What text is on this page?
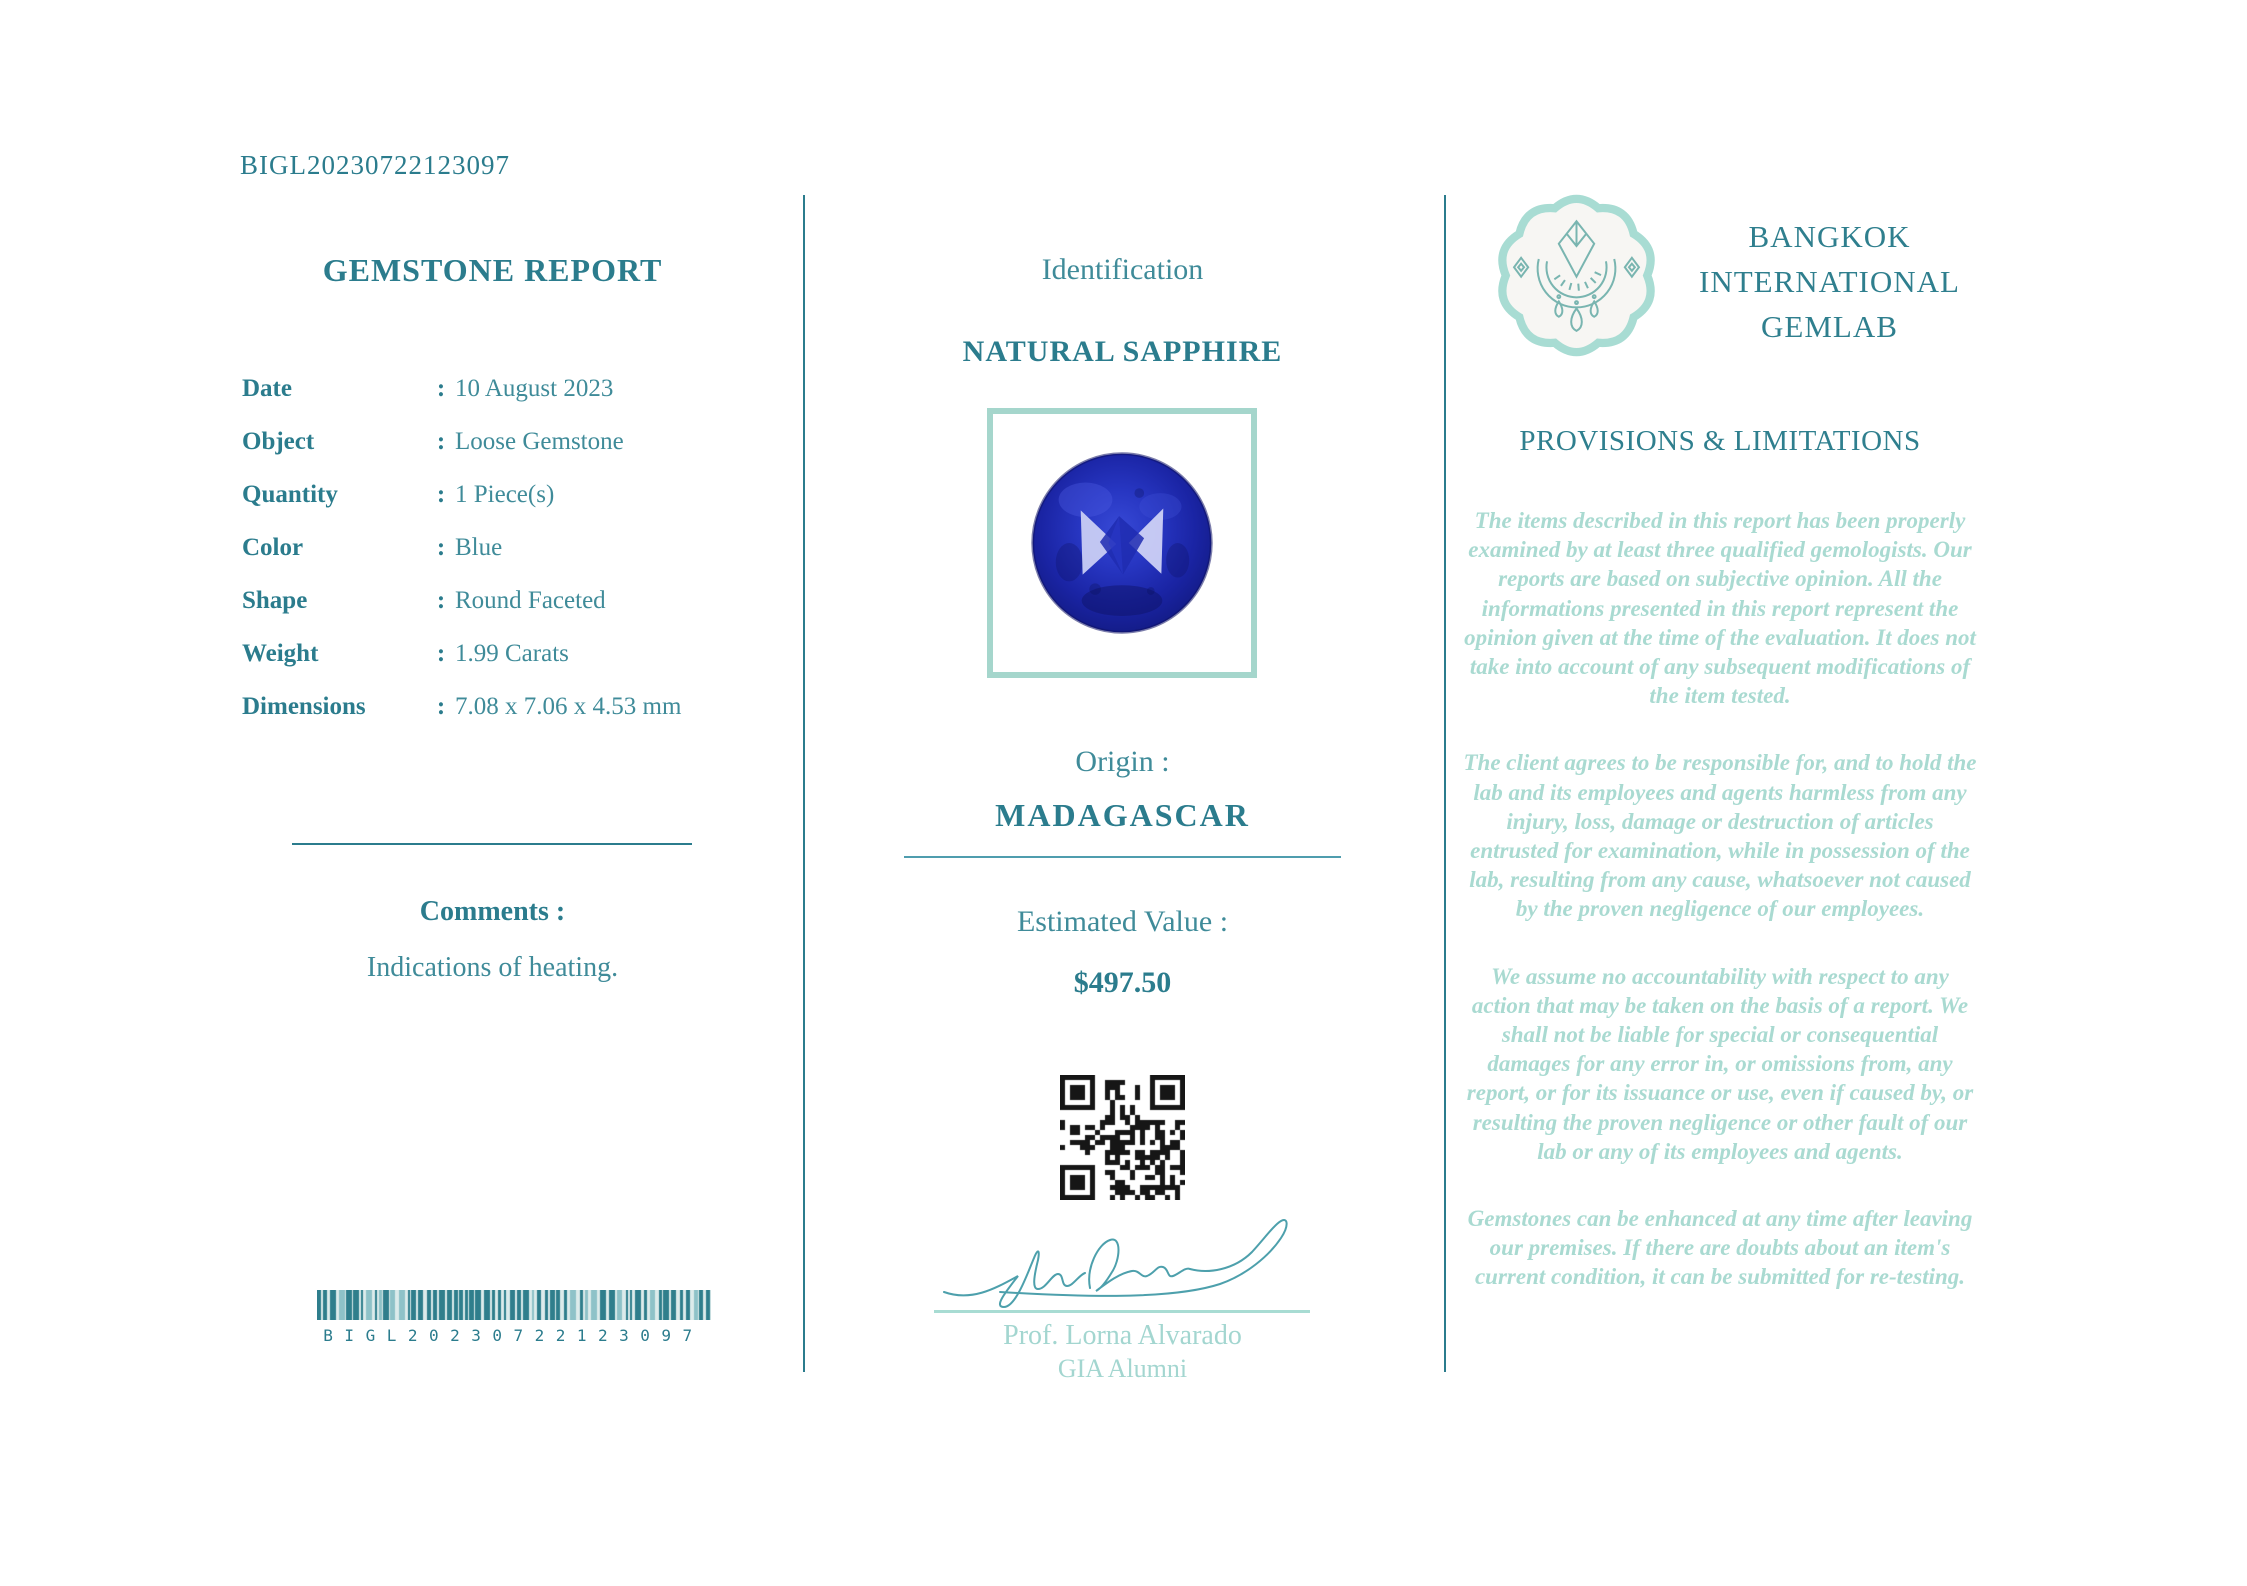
BIGL20230722123097
GEMSTONE REPORT
Date	: 10 August 2023
Object	: Loose Gemstone
Quantity	: 1 Piece(s)
Color	: Blue
Shape	: Round Faceted
Weight	: 1.99 Carats
Dimensions	: 7.08 x 7.06 x 4.53 mm
Comments :
Indications of heating.
BIGL20230722123097
Identification
NATURAL SAPPHIRE
Origin :
MADAGASCAR
Estimated Value :
$497.50
Prof. Lorna Alvarado
GIA Alumni
BANGKOK INTERNATIONAL GEMLAB
PROVISIONS & LIMITATIONS

The items described in this report has been properly examined by at least three qualified gemologists. Our reports are based on subjective opinion. All the informations presented in this report represent the opinion given at the time of the evaluation. It does not take into account of any subsequent modifications of the item tested.

The client agrees to be responsible for, and to hold the lab and its employees and agents harmless from any injury, loss, damage or destruction of articles entrusted for examination, while in possession of the lab, resulting from any cause, whatsoever not caused by the proven negligence of our employees.

We assume no accountability with respect to any action that may be taken on the basis of a report. We shall not be liable for special or consequential damages for any error in, or omissions from, any report, or for its issuance or use, even if caused by, or resulting the proven negligence or other fault of our lab or any of its employees and agents.

Gemstones can be enhanced at any time after leaving our premises. If there are doubts about an item's current condition, it can be submitted for re-testing.
